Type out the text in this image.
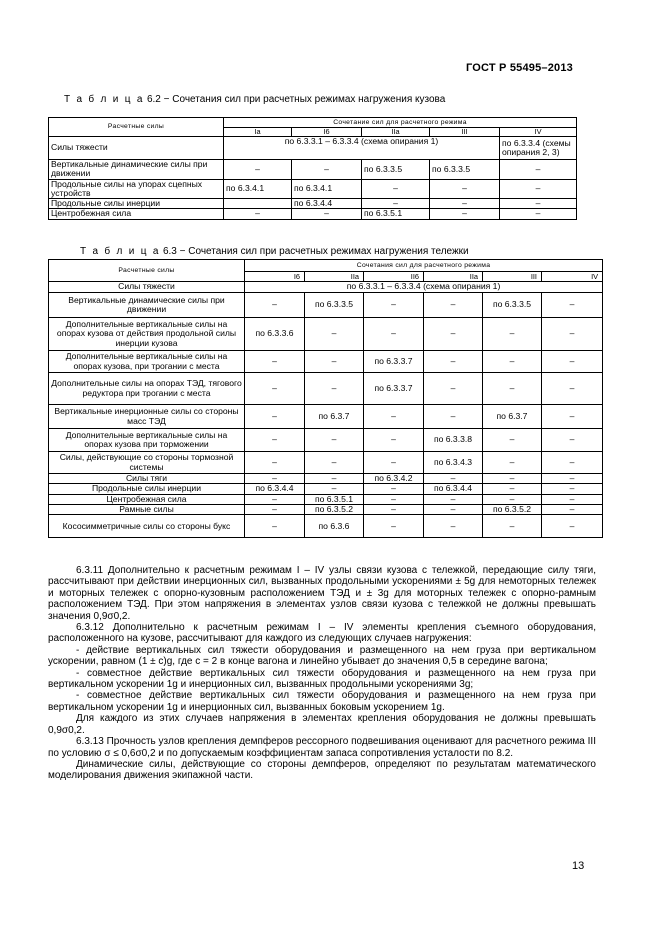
ГОСТ Р 55495–2013
Т а б л и ц а 6.2 − Сочетания сил при расчетных режимах нагружения кузова
Расчетные силы	Сочетание сил для расчетного режима				
	Ia	I6	IIa	III	IV
Силы тяжести	по 6.3.3.1 – 6.3.3.4 (схема опирания 1)				по 6.3.3.4 (схемы опирания 2, 3)
Вертикальные динамические силы при движении	–	–	по 6.3.3.5	по 6.3.3.5	–
Продольные силы на упорах сцепных устройств	по 6.3.4.1	по 6.3.4.1	–	–	–
Продольные силы инерции		по 6.3.4.4	–	–	–
Центробежная сила	–	–	по 6.3.5.1	–	–
Т а б л и ц а 6.3 − Сочетания сил при расчетных режимах нагружения тележки
Расчетные силы	Сочетания сил для расчетного режима					
	I6	IIa	II6	IIa	III	IV
Силы тяжести	по 6.3.3.1 – 6.3.3.4 (схема опирания 1)					
Вертикальные динамические силы при движении	–	по 6.3.3.5	–	–	по 6.3.3.5	–
Дополнительные вертикальные силы на опорах кузова от действия продольной силы инерции кузова	по 6.3.3.6	–	–	–	–	–
Дополнительные вертикальные силы на опорах кузова, при трогании с места	–	–	по 6.3.3.7	–	–	–
Дополнительные силы на опорах ТЭД, тягового редуктора при трогании с места	–	–	по 6.3.3.7	–	–	–
Вертикальные инерционные силы со стороны масс ТЭД	–	по 6.3.7	–	–	по 6.3.7	–
Дополнительные вертикальные силы на опорах кузова при торможении	–	–	–	по 6.3.3.8	–	–
Силы, действующие со стороны тормозной системы	–	–	–	по 6.3.4.3	–	–
Силы тяги	–	–	по 6.3.4.2	–	–	–
Продольные силы инерции	по 6.3.4.4	–	–	по 6.3.4.4	–	–
Центробежная сила	–	по 6.3.5.1	–	–	–	–
Рамные силы	–	по 6.3.5.2	–	–	по 6.3.5.2	–
Кососимметричные силы со стороны букс	–	по 6.3.6	–	–	–	–

6.3.11 Дополнительно к расчетным режимам I – IV узлы связи кузова с тележкой, передающие силу тяги, рассчитывают при действии инерционных сил, вызванных продольными ускорениями ± 5g для немоторных тележек и моторных тележек с опорно-кузовным расположением ТЭД и ± 3g для моторных тележек с опорно-рамным расположением ТЭД. При этом напряжения в элементах узлов связи кузова с тележкой не должны превышать значения 0,9σ0,2.

6.3.12 Дополнительно к расчетным режимам I – IV элементы крепления съемного оборудования, расположенного на кузове, рассчитывают для каждого из следующих случаев нагружения:

- действие вертикальных сил тяжести оборудования и размещенного на нем груза при вертикальном ускорении, равном (1 ± c)g, где c = 2 в конце вагона и линейно убывает до значения 0,5 в середине вагона;

- совместное действие вертикальных сил тяжести оборудования и размещенного на нем груза при вертикальном ускорении 1g и инерционных сил, вызванных продольными ускорениями 3g;

- совместное действие вертикальных сил тяжести оборудования и размещенного на нем груза при вертикальном ускорении 1g и инерционных сил, вызванных боковым ускорением 1g.

Для каждого из этих случаев напряжения в элементах крепления оборудования не должны превышать 0,9σ0,2.

6.3.13 Прочность узлов крепления демпферов рессорного подвешивания оценивают для расчетного режима III по условию σ ≤ 0,6σ0,2 и по допускаемым коэффициентам запаса сопротивления усталости по 8.2.

Динамические силы, действующие со стороны демпферов, определяют по результатам математического моделирования движения экипажной части.

13
